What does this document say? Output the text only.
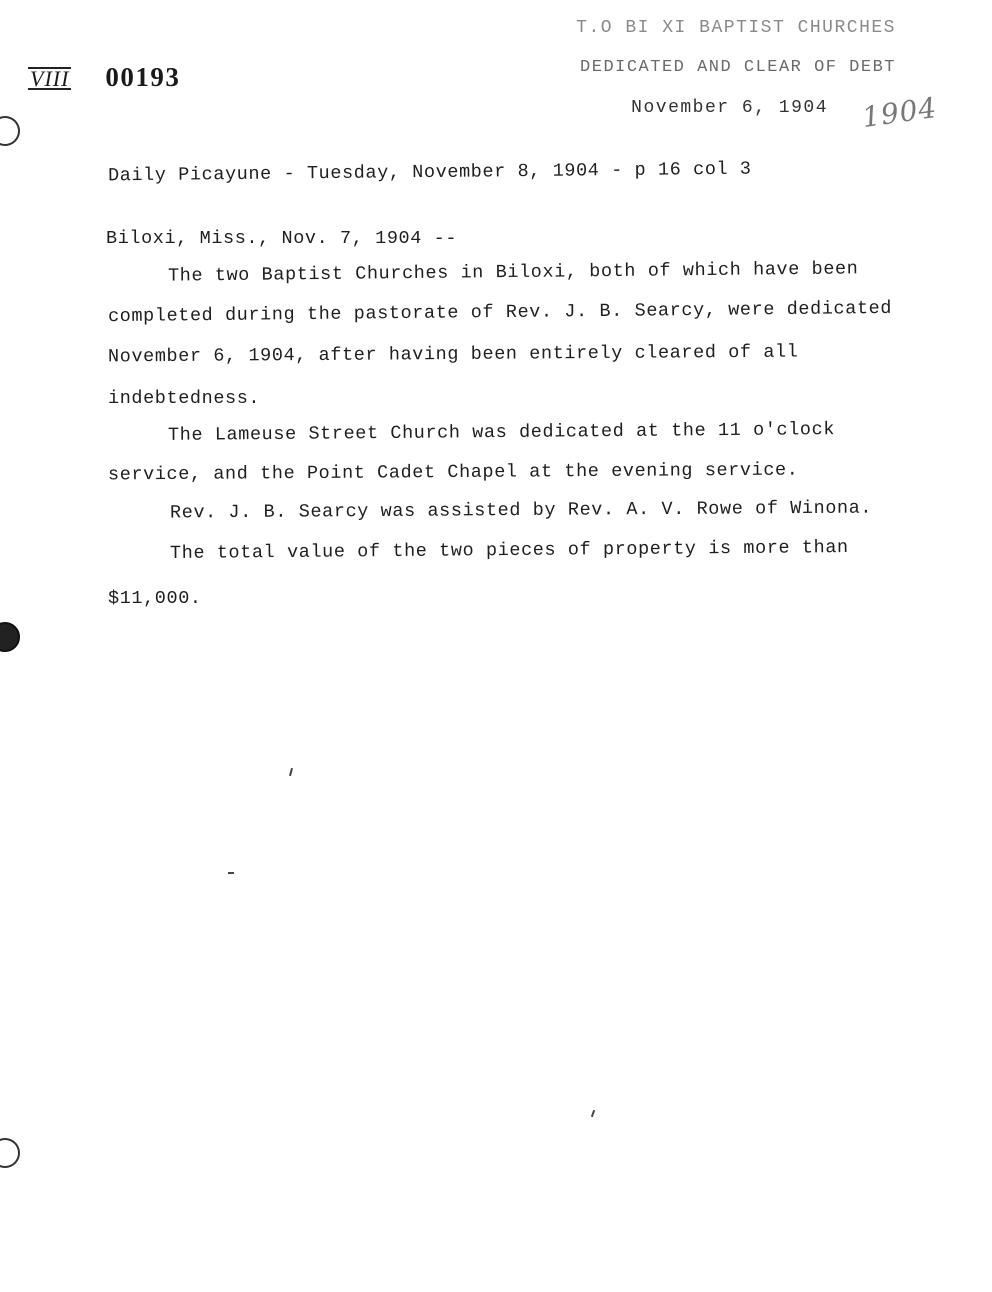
VIII 00193
T.O BI XI BAPTIST CHURCHES
DEDICATED AND CLEAR OF DEBT
November 6, 1904 1904
Daily Picayune - Tuesday, November 8, 1904 - p 16 col 3
Biloxi, Miss., Nov. 7, 1904 --
The two Baptist Churches in Biloxi, both of which have been
completed during the pastorate of Rev. J. B. Searcy, were dedicated
November 6, 1904, after having been entirely cleared of all
indebtedness.
The Lameuse Street Church was dedicated at the 11 o'clock
service, and the Point Cadet Chapel at the evening service.
Rev. J. B. Searcy was assisted by Rev. A. V. Rowe of Winona.
The total value of the two pieces of property is more than
$11,000.
